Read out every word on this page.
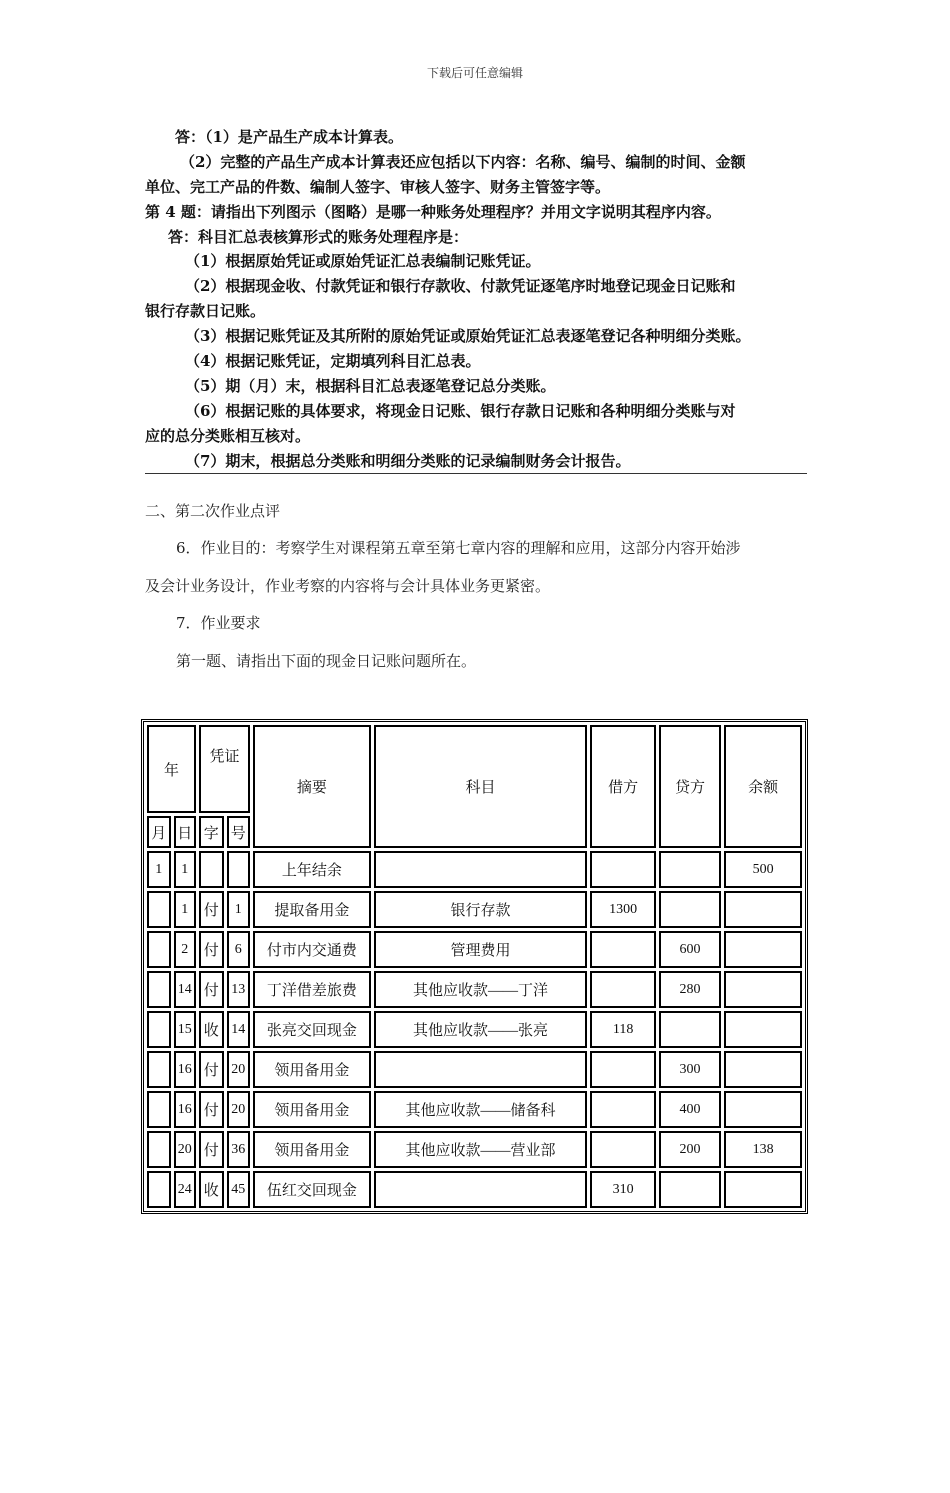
下载后可任意编辑
答：（1）是产品生产成本计算表。
（2）完整的产品生产成本计算表还应包括以下内容：名称、编号、编制的时间、金额
单位、完工产品的件数、编制人签字、审核人签字、财务主管签字等。
第 4 题：请指出下列图示（图略）是哪一种账务处理程序？并用文字说明其程序内容。
答：科目汇总表核算形式的账务处理程序是：
（1）根据原始凭证或原始凭证汇总表编制记账凭证。
（2）根据现金收、付款凭证和银行存款收、付款凭证逐笔序时地登记现金日记账和
银行存款日记账。
（3）根据记账凭证及其所附的原始凭证或原始凭证汇总表逐笔登记各种明细分类账。
（4）根据记账凭证，定期填列科目汇总表。
（5）期（月）末，根据科目汇总表逐笔登记总分类账。
（6）根据记账的具体要求，将现金日记账、银行存款日记账和各种明细分类账与对
应的总分类账相互核对。
（7）期末，根据总分类账和明细分类账的记录编制财务会计报告。
二、第二次作业点评
6．作业目的：考察学生对课程第五章至第七章内容的理解和应用，这部分内容开始涉
及会计业务设计，作业考察的内容将与会计具体业务更紧密。
7．作业要求
第一题、请指出下面的现金日记账问题所在。
年		凭证		摘要	科目	借方	贷方	余额
月	日	字	号					
1	1			上年结余				500
	1	付	1	提取备用金	银行存款	1300		
	2	付	6	付市内交通费	管理费用		600	
	14	付	13	丁洋借差旅费	其他应收款——丁洋		280	
	15	收	14	张亮交回现金	其他应收款——张亮	118		
	16	付	20	领用备用金			300	
	16	付	20	领用备用金	其他应收款——储备科		400	
	20	付	36	领用备用金	其他应收款——营业部		200	138
	24	收	45	伍红交回现金		310		
